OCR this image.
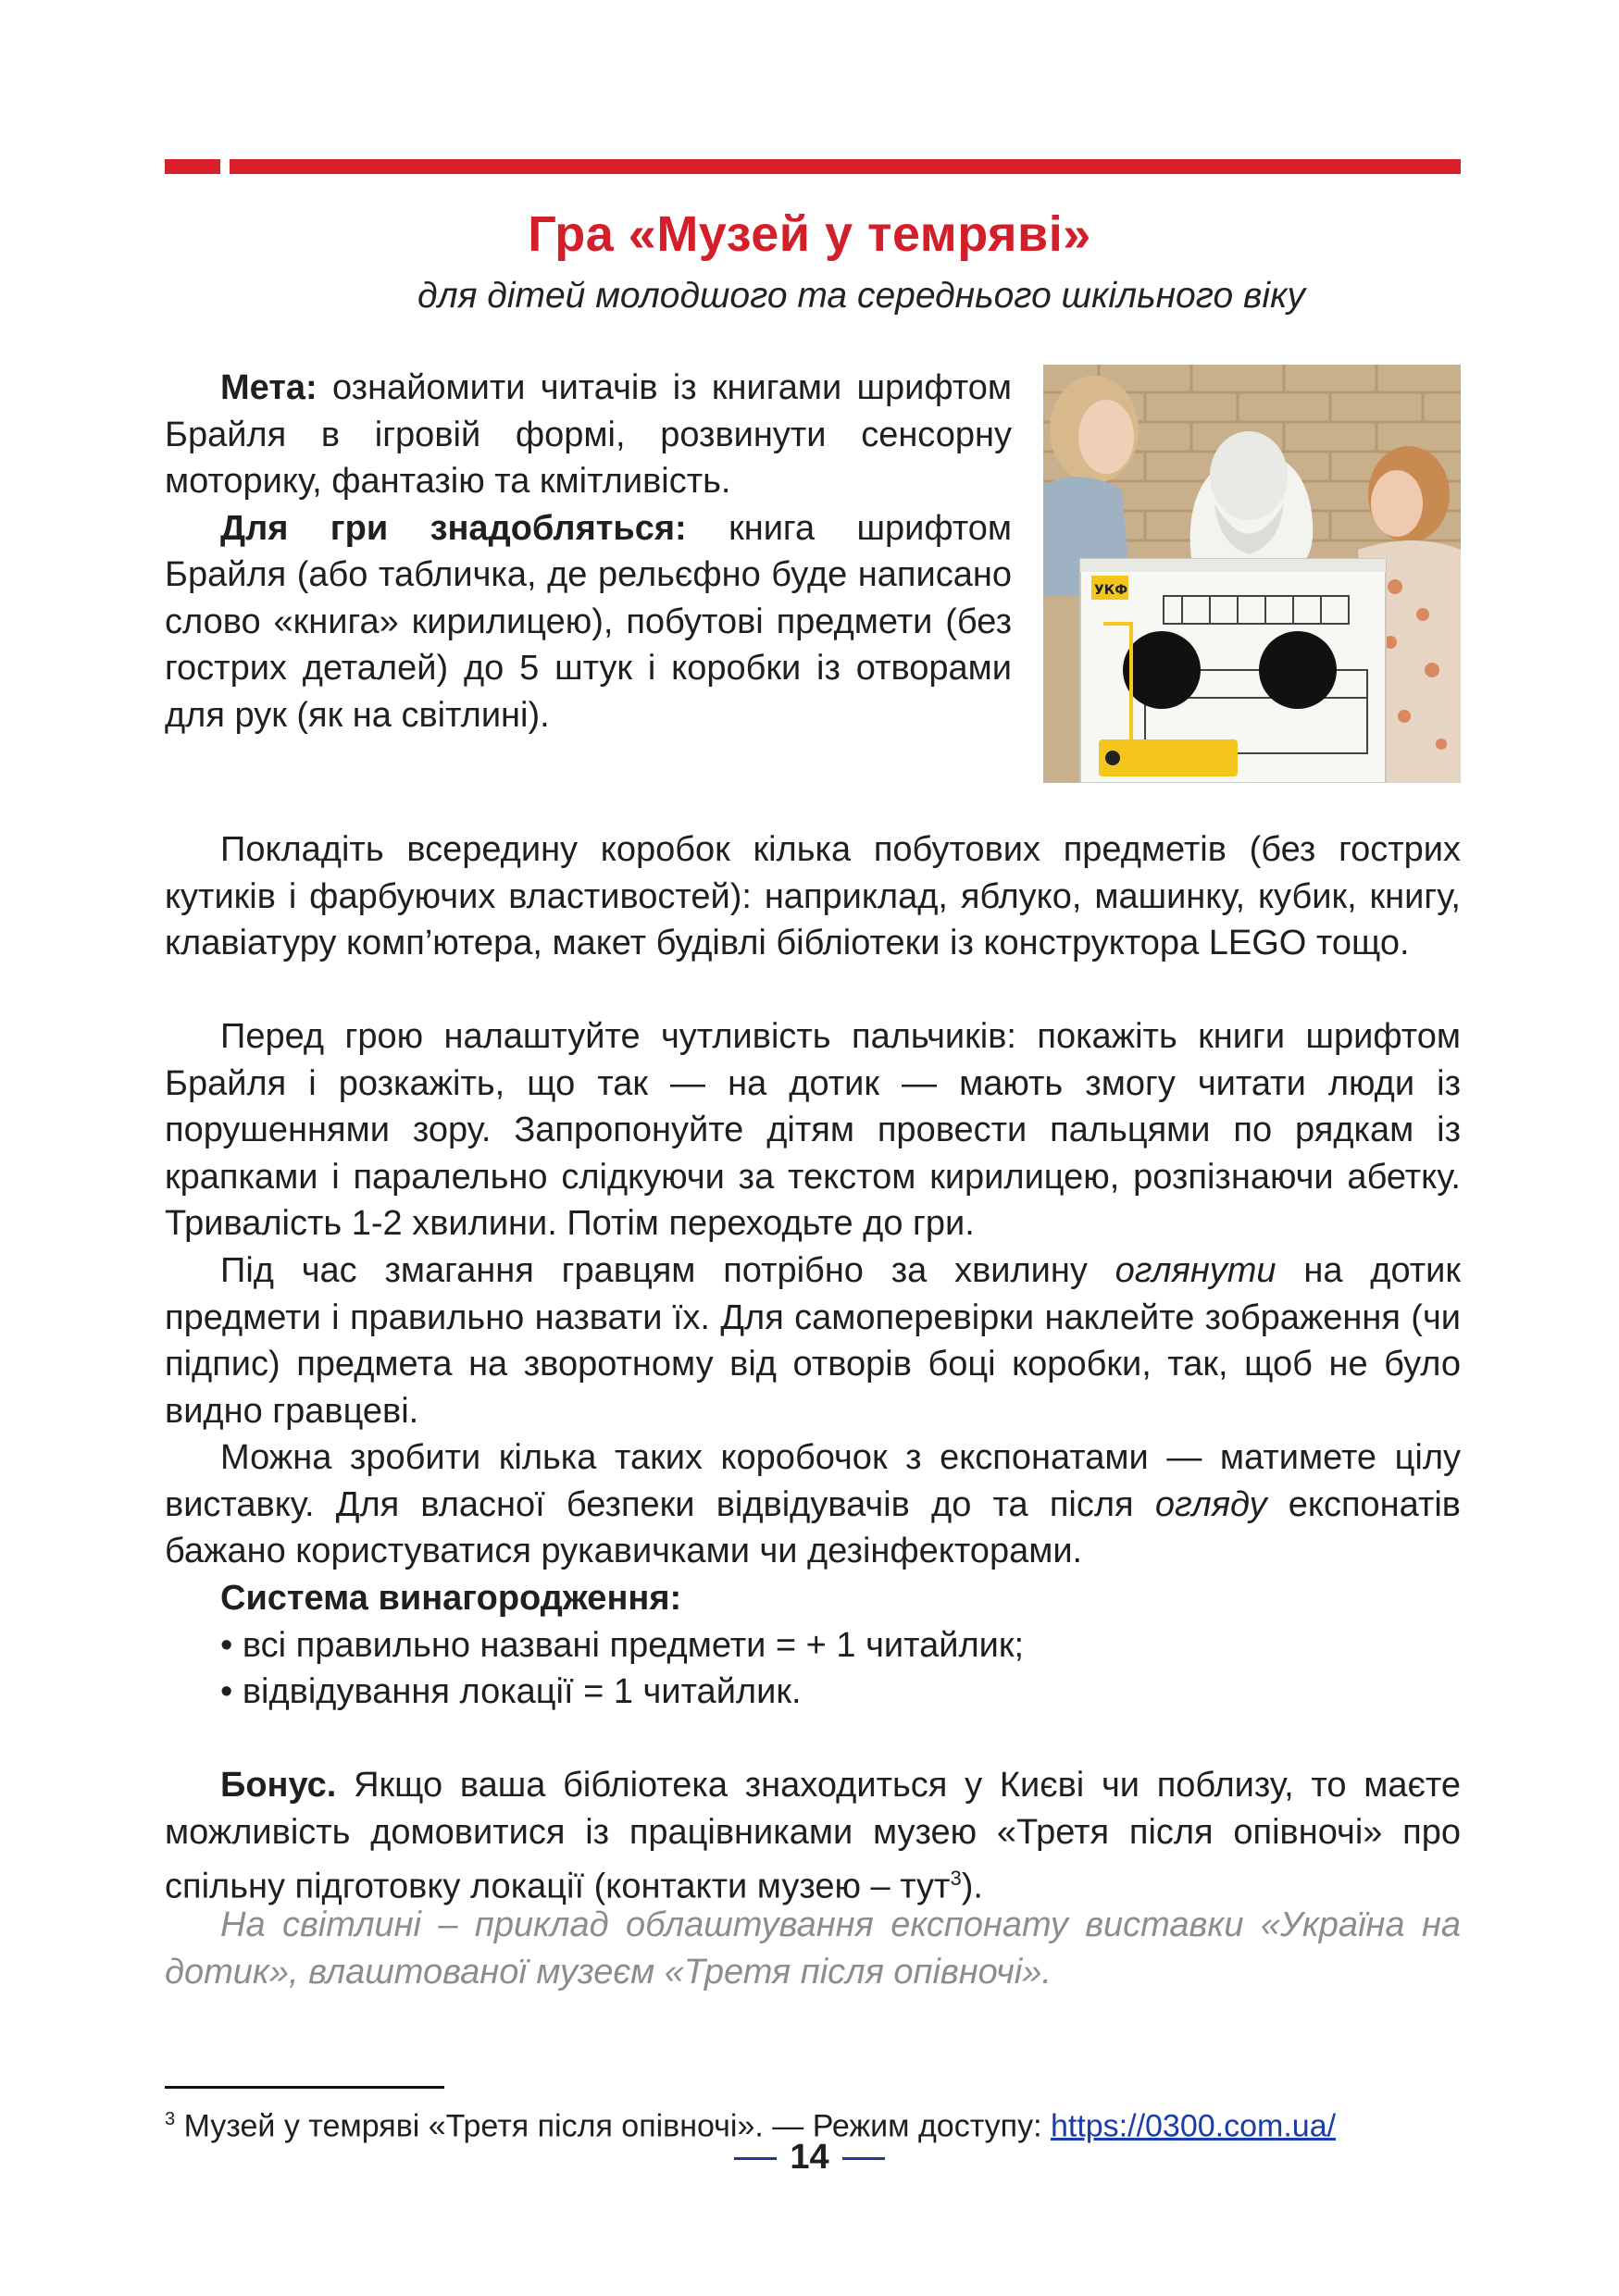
Гра «Музей у темряві»
для дітей молодшого та середнього шкільного віку
Мета: ознайомити читачів із книгами шрифтом Брайля в ігровій формі, розвинути сенсорну моторику, фантазію та кмітливість.
Для гри знадобляться: книга шрифтом Брайля (або табличка, де рельєфно буде написано слово «книга» кирилицею), побутові предмети (без гострих деталей) до 5 штук і коробки із отворами для рук (як на світлині).
УКФ
Покладіть всередину коробок кілька побутових предметів (без гострих кутиків і фарбуючих властивостей): наприклад, яблуко, машинку, кубик, книгу, клавіатуру комп’ютера, макет будівлі бібліотеки із конструктора LEGO тощо.
Перед грою налаштуйте чутливість пальчиків: покажіть книги шрифтом Брайля і розкажіть, що так — на дотик — мають змогу читати люди із порушеннями зору. Запропонуйте дітям провести пальцями по рядкам із крапками і паралельно слідкуючи за текстом кирилицею, розпізнаючи абетку. Тривалість 1-2 хвилини. Потім переходьте до гри.
Під час змагання гравцям потрібно за хвилину оглянути на дотик предмети і правильно назвати їх. Для самоперевірки наклейте зображення (чи підпис) предмета на зворотному від отворів боці коробки, так, щоб не було видно гравцеві.
Можна зробити кілька таких коробочок з експонатами — матимете цілу виставку. Для власної безпеки відвідувачів до та після огляду експонатів бажано користуватися рукавичками чи дезінфекторами.
Система винагородження:
• всі правильно названі предмети = + 1 читайлик;
• відвідування локації = 1 читайлик.
Бонус. Якщо ваша бібліотека знаходиться у Києві чи поблизу, то маєте можливість домовитися із працівниками музею «Третя після опівночі» про спільну підготовку локації (контакти музею – тут$^3$).
На світлині – приклад облаштування експонату виставки «Україна на дотик», влаштованої музеєм «Третя після опівночі».
$^3$ Музей у темряві «Третя після опівночі». — Режим доступу: https://0300.com.ua/
14
